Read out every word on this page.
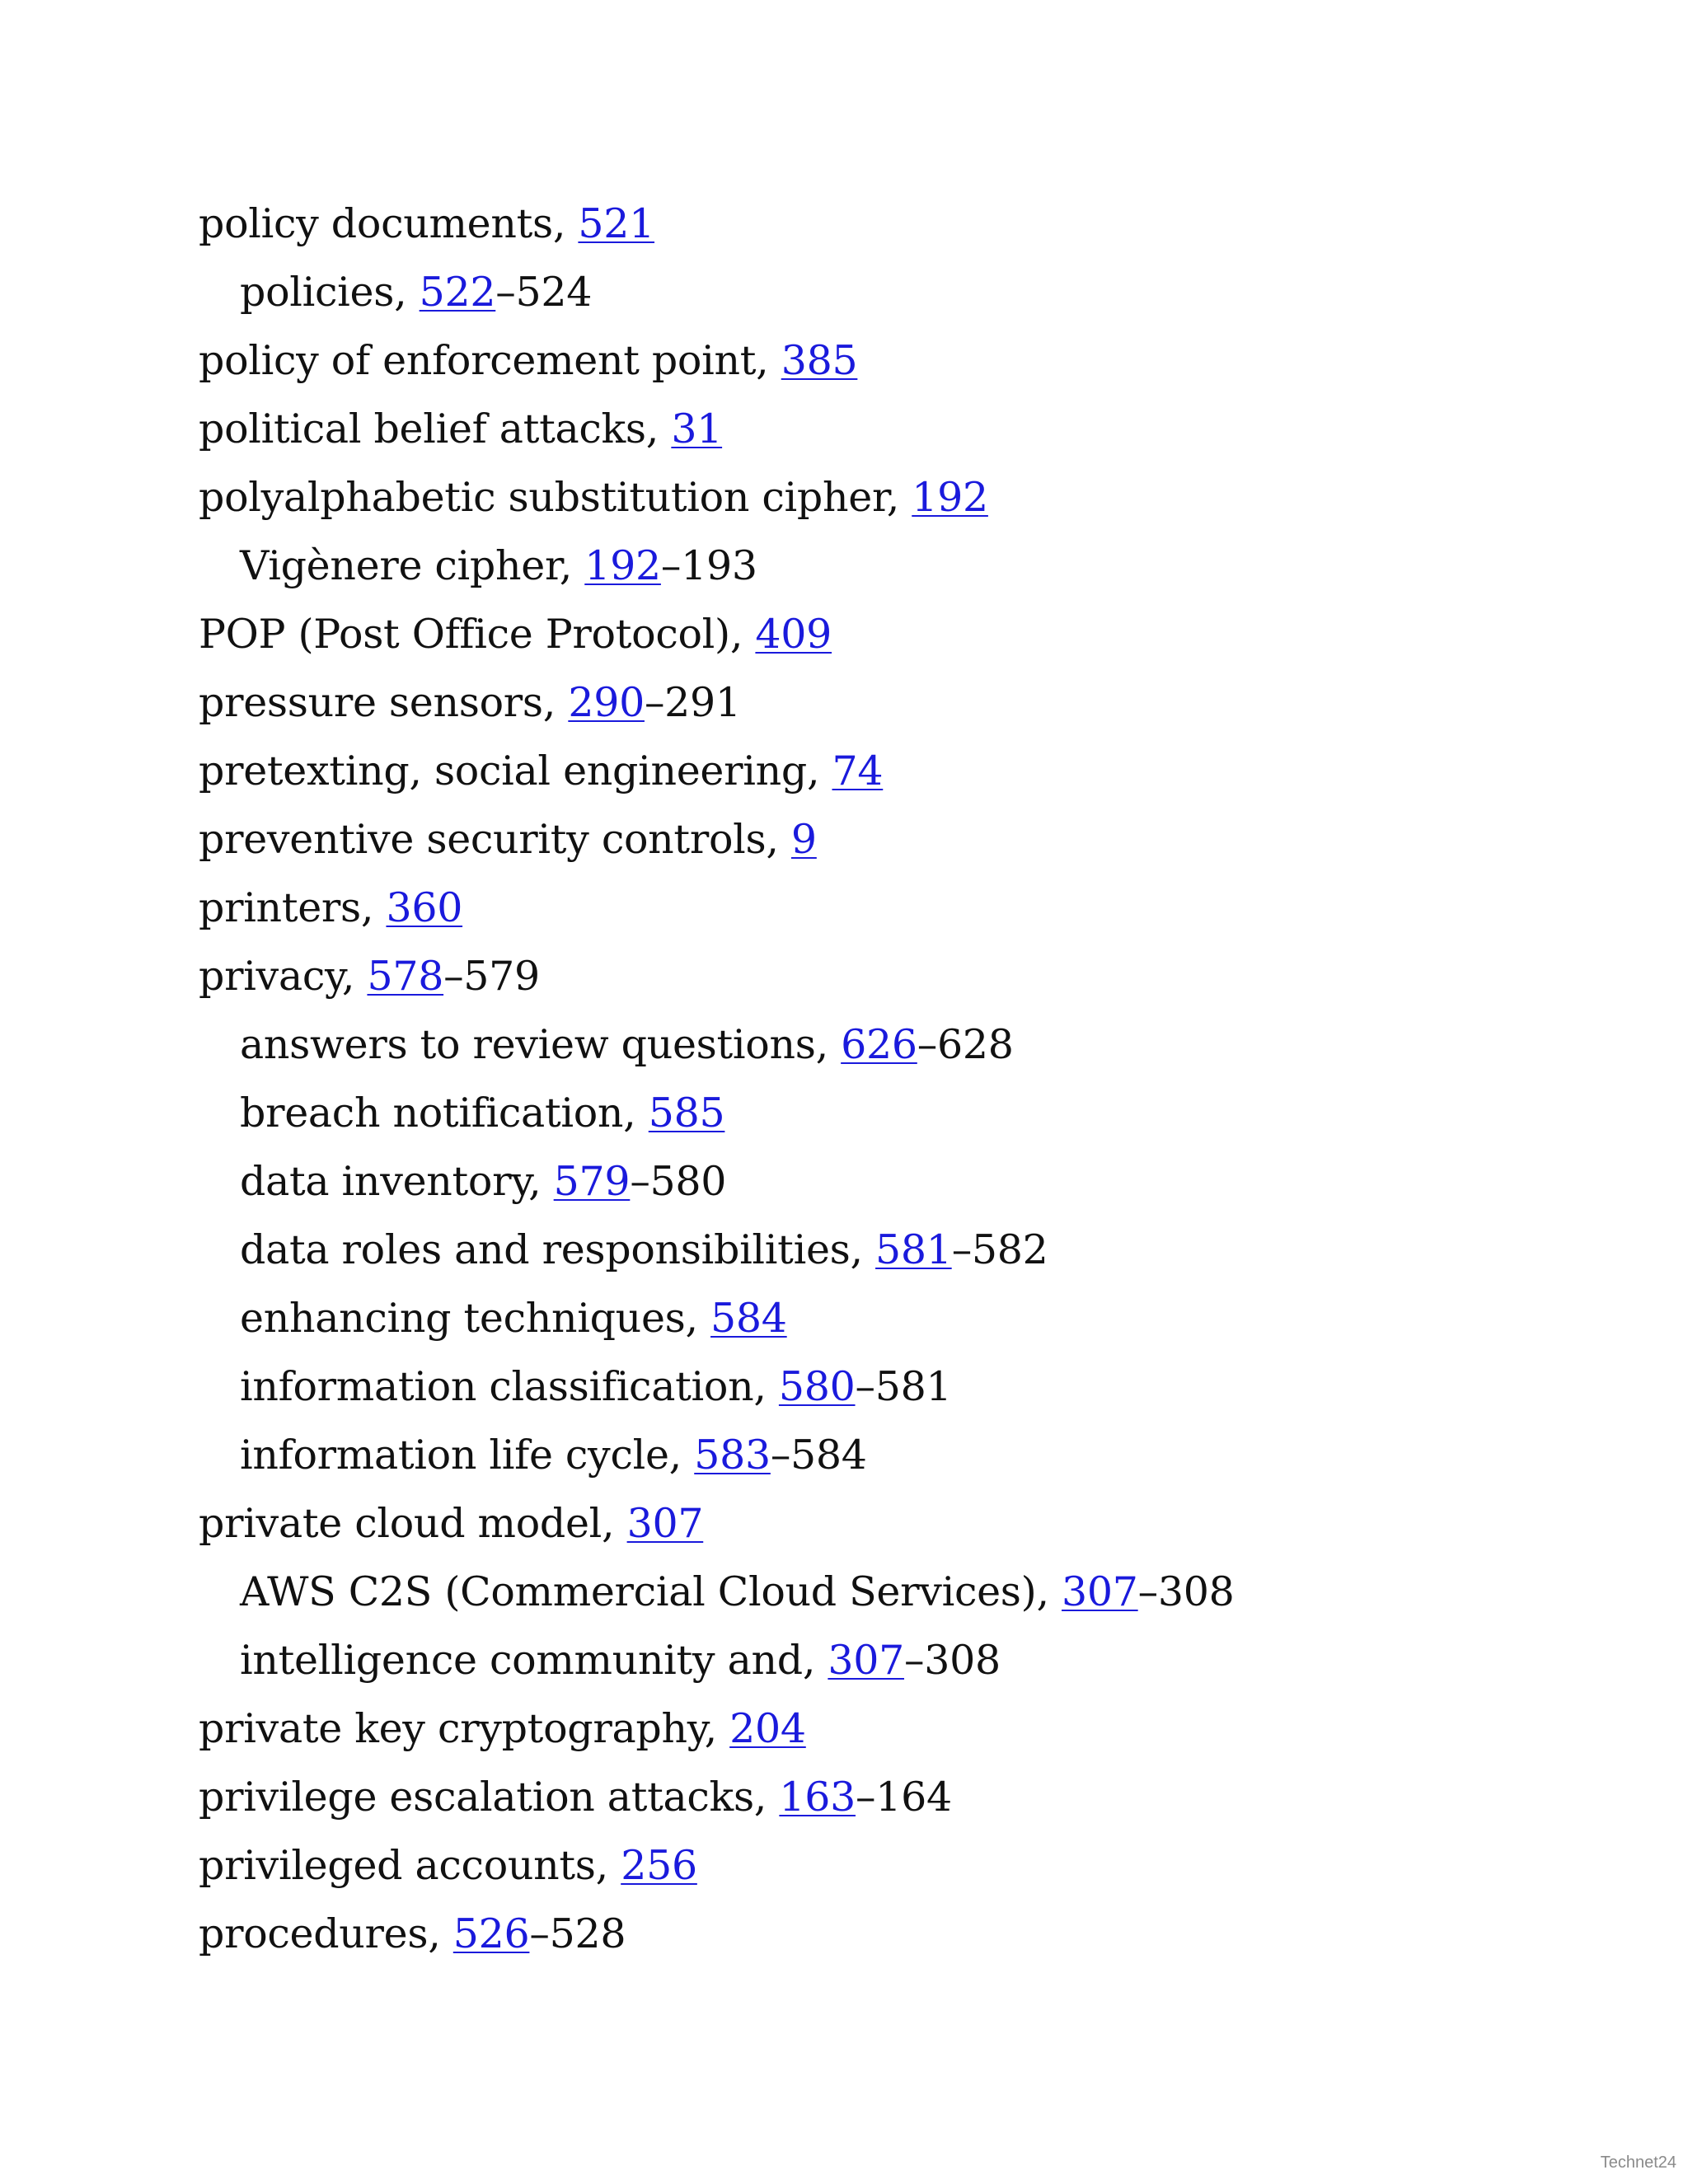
policy documents, 521
policies, 522–524
policy of enforcement point, 385
political belief attacks, 31
polyalphabetic substitution cipher, 192
Vigènere cipher, 192–193
POP (Post Office Protocol), 409
pressure sensors, 290–291
pretexting, social engineering, 74
preventive security controls, 9
printers, 360
privacy, 578–579
answers to review questions, 626–628
breach notification, 585
data inventory, 579–580
data roles and responsibilities, 581–582
enhancing techniques, 584
information classification, 580–581
information life cycle, 583–584
private cloud model, 307
AWS C2S (Commercial Cloud Services), 307–308
intelligence community and, 307–308
private key cryptography, 204
privilege escalation attacks, 163–164
privileged accounts, 256
procedures, 526–528
Technet24
